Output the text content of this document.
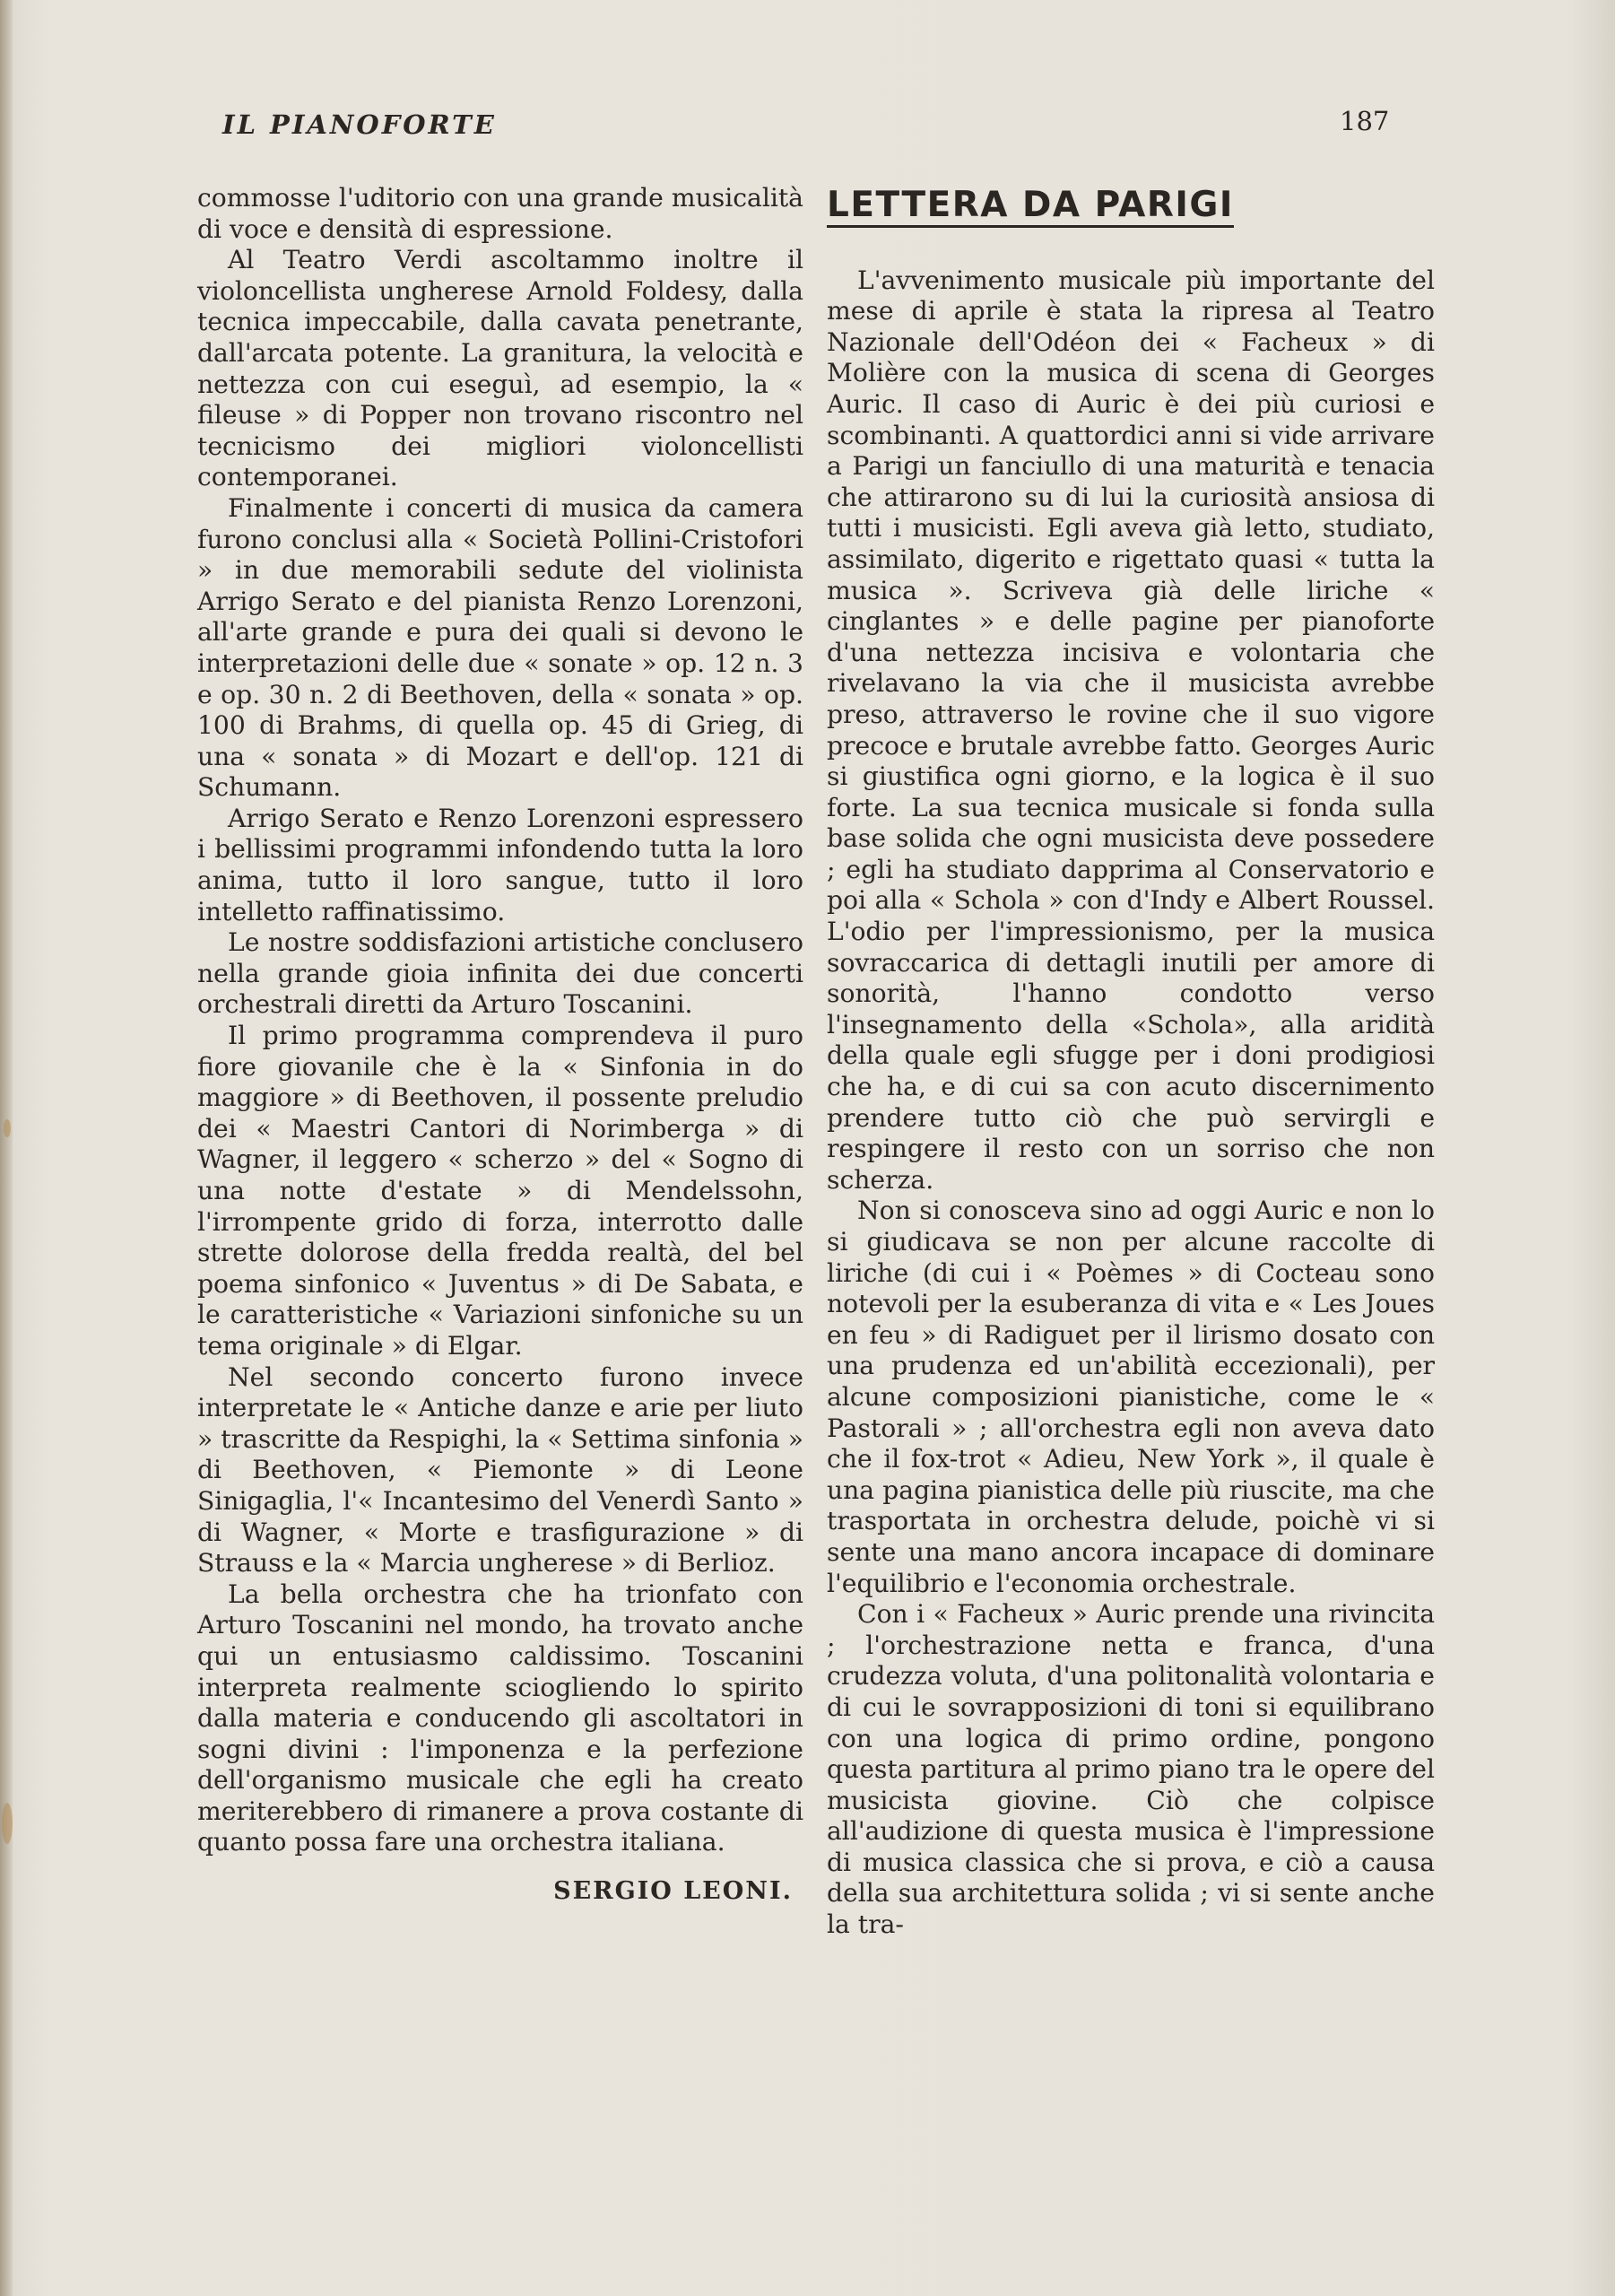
IL PIANOFORTE	187

commosse l'uditorio con una grande musicalità di voce e densità di espressione.

Al Teatro Verdi ascoltammo inoltre il violoncellista ungherese Arnold Foldesy, dalla tecnica impeccabile, dalla cavata penetrante, dall'arcata potente. La granitura, la velocità e nettezza con cui eseguì, ad esempio, la « fileuse » di Popper non trovano riscontro nel tecnicismo dei migliori violoncellisti contemporanei.

Finalmente i concerti di musica da camera furono conclusi alla « Società Pollini-Cristofori » in due memorabili sedute del violinista Arrigo Serato e del pianista Renzo Lorenzoni, all'arte grande e pura dei quali si devono le interpretazioni delle due « sonate » op. 12 n. 3 e op. 30 n. 2 di Beethoven, della « sonata » op. 100 di Brahms, di quella op. 45 di Grieg, di una « sonata » di Mozart e dell'op. 121 di Schumann.

Arrigo Serato e Renzo Lorenzoni espressero i bellissimi programmi infondendo tutta la loro anima, tutto il loro sangue, tutto il loro intelletto raffinatissimo.

Le nostre soddisfazioni artistiche conclusero nella grande gioia infinita dei due concerti orchestrali diretti da Arturo Toscanini.

Il primo programma comprendeva il puro fiore giovanile che è la « Sinfonia in do maggiore » di Beethoven, il possente preludio dei « Maestri Cantori di Norimberga » di Wagner, il leggero « scherzo » del « Sogno di una notte d'estate » di Mendelssohn, l'irrompente grido di forza, interrotto dalle strette dolorose della fredda realtà, del bel poema sinfonico « Juventus » di De Sabata, e le caratteristiche « Variazioni sinfoniche su un tema originale » di Elgar.

Nel secondo concerto furono invece interpretate le « Antiche danze e arie per liuto » trascritte da Respighi, la « Settima sinfonia » di Beethoven, « Piemonte » di Leone Sinigaglia, l'« Incantesimo del Venerdì Santo » di Wagner, « Morte e trasfigurazione » di Strauss e la « Marcia ungherese » di Berlioz.

La bella orchestra che ha trionfato con Arturo Toscanini nel mondo, ha trovato anche qui un entusiasmo caldissimo. Toscanini interpreta realmente sciogliendo lo spirito dalla materia e conducendo gli ascoltatori in sogni divini : l'imponenza e la perfezione dell'organismo musicale che egli ha creato meriterebbero di rimanere a prova costante di quanto possa fare una orchestra italiana.

SERGIO LEONI.

LETTERA DA PARIGI

L'avvenimento musicale più importante del mese di aprile è stata la ripresa al Teatro Nazionale dell'Odéon dei « Facheux » di Molière con la musica di scena di Georges Auric. Il caso di Auric è dei più curiosi e scombinanti. A quattordici anni si vide arrivare a Parigi un fanciullo di una maturità e tenacia che attirarono su di lui la curiosità ansiosa di tutti i musicisti. Egli aveva già letto, studiato, assimilato, digerito e rigettato quasi « tutta la musica ». Scriveva già delle liriche « cinglantes » e delle pagine per pianoforte d'una nettezza incisiva e volontaria che rivelavano la via che il musicista avrebbe preso, attraverso le rovine che il suo vigore precoce e brutale avrebbe fatto. Georges Auric si giustifica ogni giorno, e la logica è il suo forte. La sua tecnica musicale si fonda sulla base solida che ogni musicista deve possedere ; egli ha studiato dapprima al Conservatorio e poi alla « Schola » con d'Indy e Albert Roussel. L'odio per l'impressionismo, per la musica sovraccarica di dettagli inutili per amore di sonorità, l'hanno condotto verso l'insegnamento della «Schola», alla aridità della quale egli sfugge per i doni prodigiosi che ha, e di cui sa con acuto discernimento prendere tutto ciò che può servirgli e respingere il resto con un sorriso che non scherza.

Non si conosceva sino ad oggi Auric e non lo si giudicava se non per alcune raccolte di liriche (di cui i « Poèmes » di Cocteau sono notevoli per la esuberanza di vita e « Les Joues en feu » di Radiguet per il lirismo dosato con una prudenza ed un'abilità eccezionali), per alcune composizioni pianistiche, come le « Pastorali » ; all'orchestra egli non aveva dato che il fox-trot « Adieu, New York », il quale è una pagina pianistica delle più riuscite, ma che trasportata in orchestra delude, poichè vi si sente una mano ancora incapace di dominare l'equilibrio e l'economia orchestrale.

Con i « Facheux » Auric prende una rivincita ; l'orchestrazione netta e franca, d'una crudezza voluta, d'una politonalità volontaria e di cui le sovrapposizioni di toni si equilibrano con una logica di primo ordine, pongono questa partitura al primo piano tra le opere del musicista giovine. Ciò che colpisce all'audizione di questa musica è l'impressione di musica classica che si prova, e ciò a causa della sua architettura solida ; vi si sente anche la tra-
